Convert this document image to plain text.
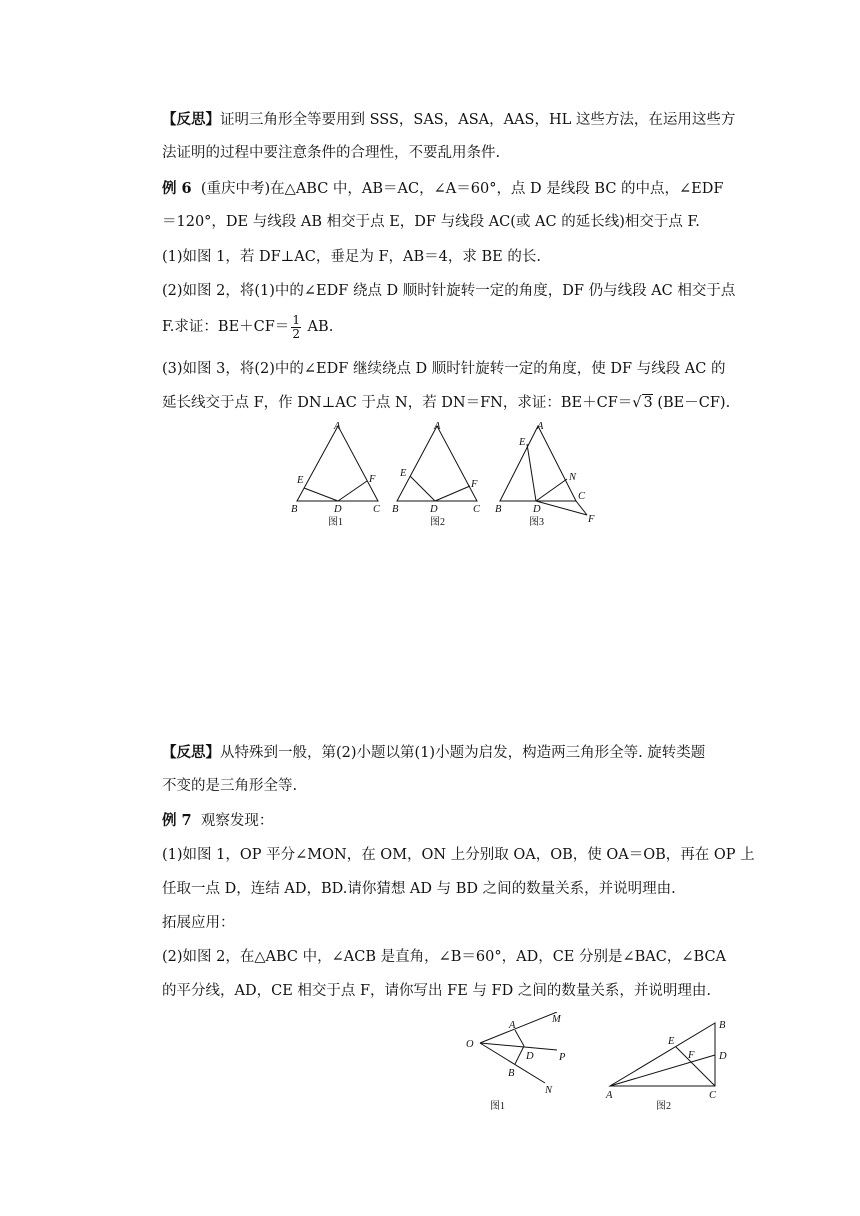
【反思】证明三角形全等要用到 SSS，SAS，ASA，AAS，HL 这些方法，在运用这些方
法证明的过程中要注意条件的合理性，不要乱用条件.
例 6 (重庆中考)在△ABC 中，AB＝AC，∠A＝60°，点 D 是线段 BC 的中点，∠EDF
＝120°，DE 与线段 AB 相交于点 E，DF 与线段 AC(或 AC 的延长线)相交于点 F.
(1)如图 1，若 DF⊥AC，垂足为 F，AB＝4，求 BE 的长.
(2)如图 2，将(1)中的∠EDF 绕点 D 顺时针旋转一定的角度，DF 仍与线段 AC 相交于点
F.求证：$BE+CF= \frac{1}{2}$ AB.
(3)如图 3，将(2)中的∠EDF 继续绕点 D 顺时针旋转一定的角度，使 DF 与线段 AC 的
延长线交于点 F，作 DN⊥AC 于点 N，若 DN＝FN，求证：BE＋CF＝√ 3 (BE－CF).
A
E	F
B	D	C
图1
A
E
F
B	D	C
图2
A
E
N
C
F
B	D
图3
【反思】从特殊到一般，第(2)小题以第(1)小题为启发，构造两三角形全等. 旋转类题
不变的是三角形全等.
例 7 观察发现：
(1)如图 1，OP 平分∠MON，在 OM，ON 上分别取 OA，OB，使 OA＝OB，再在 OP 上
任取一点 D，连结 AD，BD.请你猜想 AD 与 BD 之间的数量关系，并说明理由.
拓展应用：
(2)如图 2，在△ABC 中，∠ACB 是直角，∠B＝60°，AD，CE 分别是∠BAC，∠BCA
的平分线，AD，CE 相交于点 F，请你写出 FE 与 FD 之间的数量关系，并说明理由.
A
M
O
D P
B
N
图1
B
E
F D
A	C
图2
